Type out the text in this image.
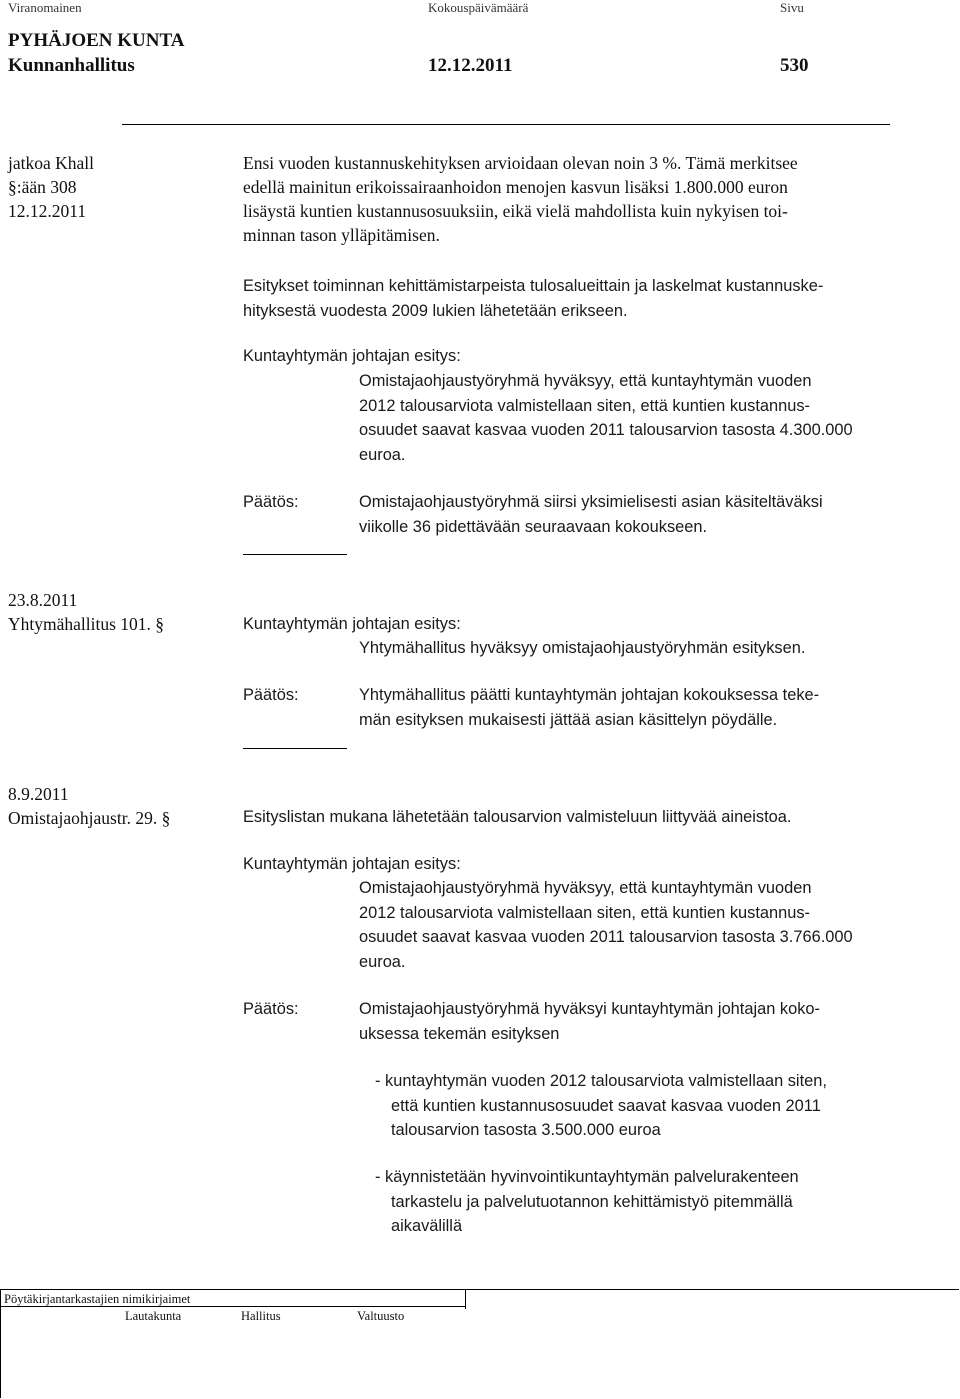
Viranomainen	Kokouspäivämäärä	Sivu
PYHÄJOEN KUNTA
Kunnanhallitus	12.12.2011	530
jatkoa Khall
§:ään 308
12.12.2011
Ensi vuoden kustannuskehityksen arvioidaan olevan noin 3 %. Tämä merkitsee
edellä mainitun erikoissairaanhoidon menojen kasvun lisäksi 1.800.000 euron
lisäystä kuntien kustannusosuuksiin, eikä vielä mahdollista kuin nykyisen toi-
minnan tason ylläpitämisen.
Esitykset toiminnan kehittämistarpeista tulosalueittain ja laskelmat kustannuske-
hityksestä vuodesta 2009 lukien lähetetään erikseen.
Kuntayhtymän johtajan esitys:
Omistajaohjaustyöryhmä hyväksyy, että kuntayhtymän vuoden
2012 talousarviota valmistellaan siten, että kuntien kustannus-
osuudet saavat kasvaa vuoden 2011 talousarvion tasosta 4.300.000
euroa.
Päätös:	Omistajaohjaustyöryhmä siirsi yksimielisesti asian käsiteltäväksi
viikolle 36 pidettävään seuraavaan kokoukseen.
23.8.2011
Yhtymähallitus 101. §	Kuntayhtymän johtajan esitys:
Yhtymähallitus hyväksyy omistajaohjaustyöryhmän esityksen.
Päätös:	Yhtymähallitus päätti kuntayhtymän johtajan kokouksessa teke-
män esityksen mukaisesti jättää asian käsittelyn pöydälle.
8.9.2011
Omistajaohjaustr. 29. §	Esityslistan mukana lähetetään talousarvion valmisteluun liittyvää aineistoa.
Kuntayhtymän johtajan esitys:
Omistajaohjaustyöryhmä hyväksyy, että kuntayhtymän vuoden
2012 talousarviota valmistellaan siten, että kuntien kustannus-
osuudet saavat kasvaa vuoden 2011 talousarvion tasosta 3.766.000
euroa.
Päätös:	Omistajaohjaustyöryhmä hyväksyi kuntayhtymän johtajan koko-
uksessa tekemän esityksen
- kuntayhtymän vuoden 2012 talousarviota valmistellaan siten,
että kuntien kustannusosuudet saavat kasvaa vuoden 2011
talousarvion tasosta 3.500.000 euroa
- käynnistetään hyvinvointikuntayhtymän palvelurakenteen
tarkastelu ja palvelutuotannon kehittämistyö pitemmällä
aikavälillä
Pöytäkirjantarkastajien nimikirjaimet
Lautakunta	Hallitus	Valtuusto
